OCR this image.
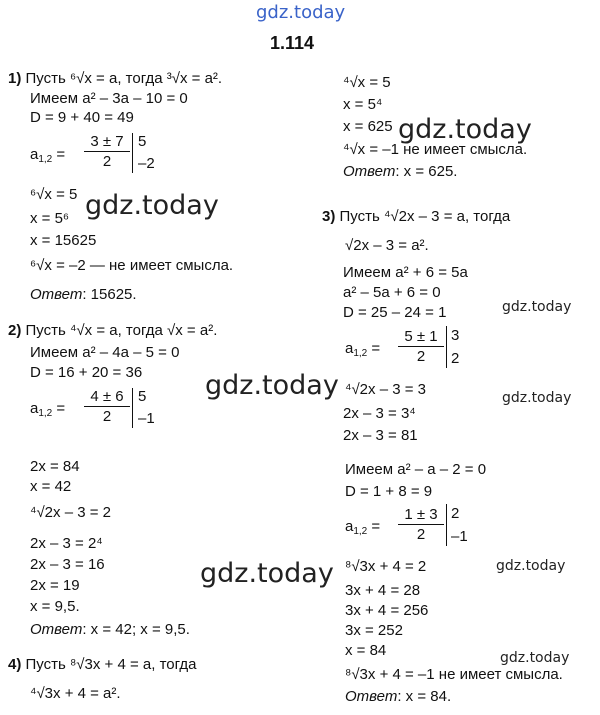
gdz.today
gdz.today
gdz.today
gdz.today
gdz.today
gdz.today
gdz.today
gdz.today
gdz.today
1.114
1) Пусть ⁶√x = a, тогда ³√x = a².
Имеем a² – 3a – 10 = 0
D = 9 + 40 = 49
$a_{1,2}$ =
3 ± 7
2
5
–2
⁶√x = 5
x = 5⁶
x = 15625
⁶√x = –2 — не имеет смысла.
Ответ: 15625.
2) Пусть ⁴√x = a, тогда √x = a².
Имеем a² – 4a – 5 = 0
D = 16 + 20 = 36
$a_{1,2}$ =
4 ± 6
2
5
–1
2x = 84
x = 42
⁴√2x – 3 = 2
2x – 3 = 2⁴
2x – 3 = 16
2x = 19
x = 9,5.
Ответ: x = 42; x = 9,5.
4) Пусть ⁸√3x + 4 = a, тогда
⁴√3x + 4 = a².
⁴√x = 5
x = 5⁴
x = 625
⁴√x = –1 не имеет смысла.
Ответ: x = 625.
3) Пусть ⁴√2x – 3 = a, тогда
√2x – 3 = a².
Имеем a² + 6 = 5a
a² – 5a + 6 = 0
D = 25 – 24 = 1
$a_{1,2}$ =
5 ± 1
2
3
2
⁴√2x – 3 = 3
2x – 3 = 3⁴
2x – 3 = 81
Имеем a² – a – 2 = 0
D = 1 + 8 = 9
$a_{1,2}$ =
1 ± 3
2
2
–1
⁸√3x + 4 = 2
3x + 4 = 28
3x + 4 = 256
3x = 252
x = 84
⁸√3x + 4 = –1 не имеет смысла.
Ответ: x = 84.
